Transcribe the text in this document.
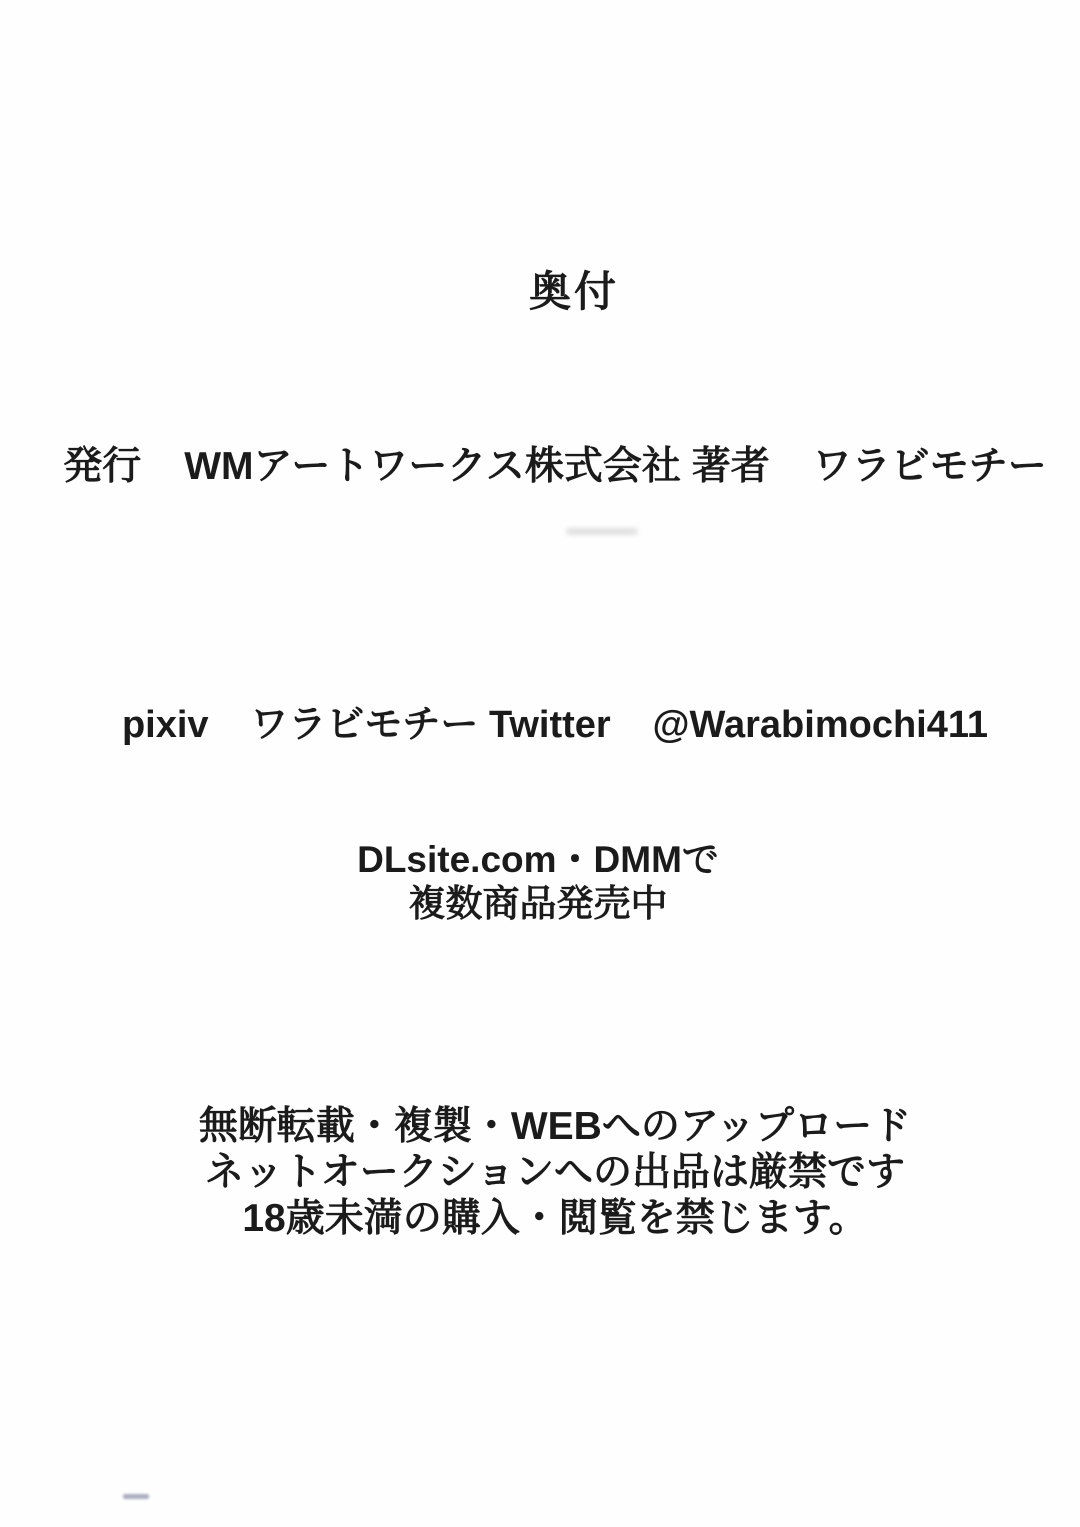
奥付
発行 WMアートワークス株式会社
著者 ワラビモチー
pixiv ワラビモチー
Twitter @Warabimochi411
DLsite.com・DMMで
複数商品発売中
無断転載・複製・WEBへのアップロード
ネットオークションへの出品は厳禁です
18歳未満の購入・閲覧を禁じます。
